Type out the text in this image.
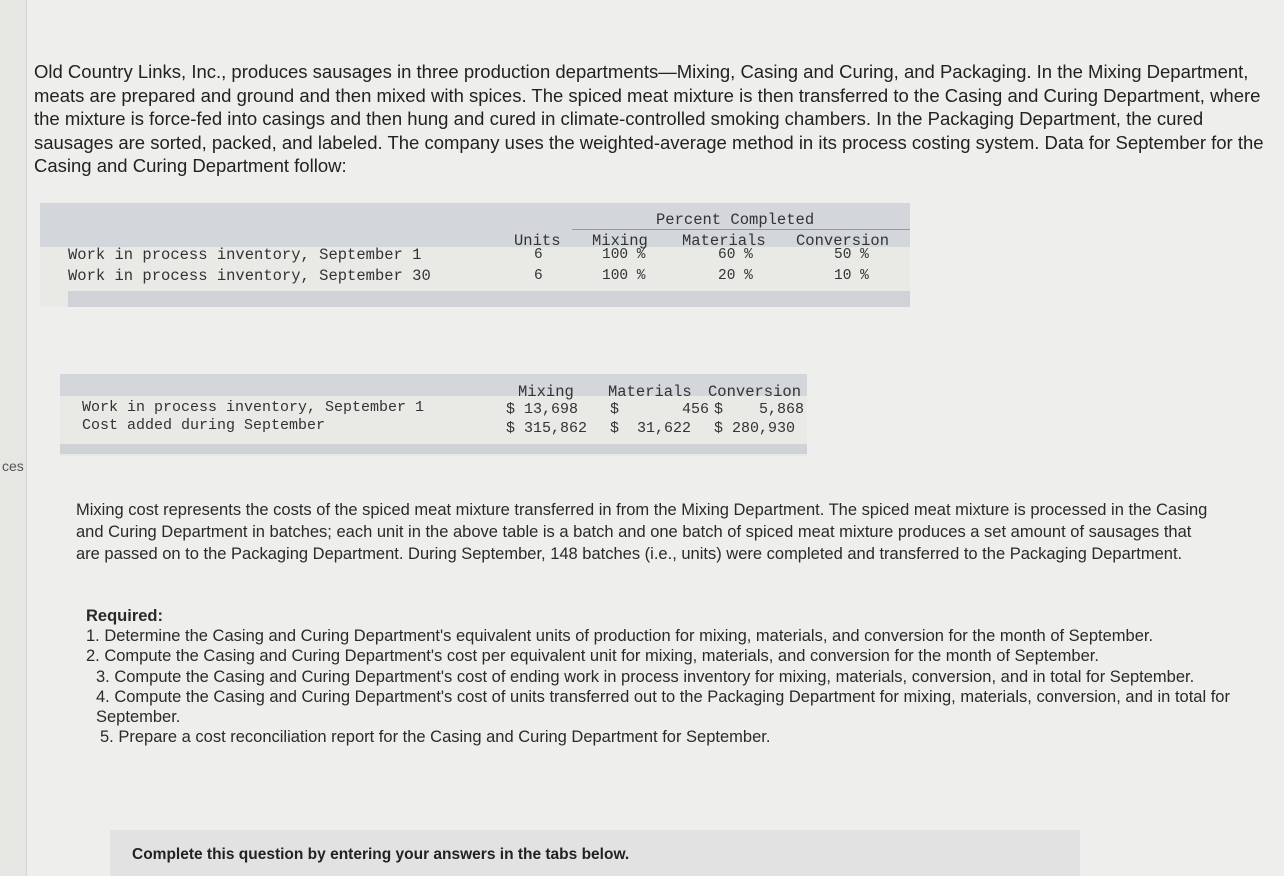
ces

Old Country Links, Inc., produces sausages in three production departments—Mixing, Casing and Curing, and Packaging. In the Mixing Department, meats are prepared and ground and then mixed with spices. The spiced meat mixture is then transferred to the Casing and Curing Department, where the mixture is force-fed into casings and then hung and cured in climate-controlled smoking chambers. In the Packaging Department, the cured sausages are sorted, packed, and labeled. The company uses the weighted-average method in its process costing system. Data for September for the Casing and Curing Department follow:

Percent Completed
Units Mixing Materials Conversion
Work in process inventory, September 1	6	100 %	60 %	50 %
Work in process inventory, September 30	6	100 %	20 %	10 %
Mixing Materials Conversion
Work in process inventory, September 1	$ 13,698 $       456 $    5,868
Cost added during September	$ 315,862 $  31,622 $ 280,930

Mixing cost represents the costs of the spiced meat mixture transferred in from the Mixing Department. The spiced meat mixture is processed in the Casing and Curing Department in batches; each unit in the above table is a batch and one batch of spiced meat mixture produces a set amount of sausages that are passed on to the Packaging Department. During September, 148 batches (i.e., units) were completed and transferred to the Packaging Department.

Required:

1. Determine the Casing and Curing Department's equivalent units of production for mixing, materials, and conversion for the month of September.

2. Compute the Casing and Curing Department's cost per equivalent unit for mixing, materials, and conversion for the month of September.

3. Compute the Casing and Curing Department's cost of ending work in process inventory for mixing, materials, conversion, and in total for September.

4. Compute the Casing and Curing Department's cost of units transferred out to the Packaging Department for mixing, materials, conversion, and in total for September.

5. Prepare a cost reconciliation report for the Casing and Curing Department for September.

Complete this question by entering your answers in the tabs below.
